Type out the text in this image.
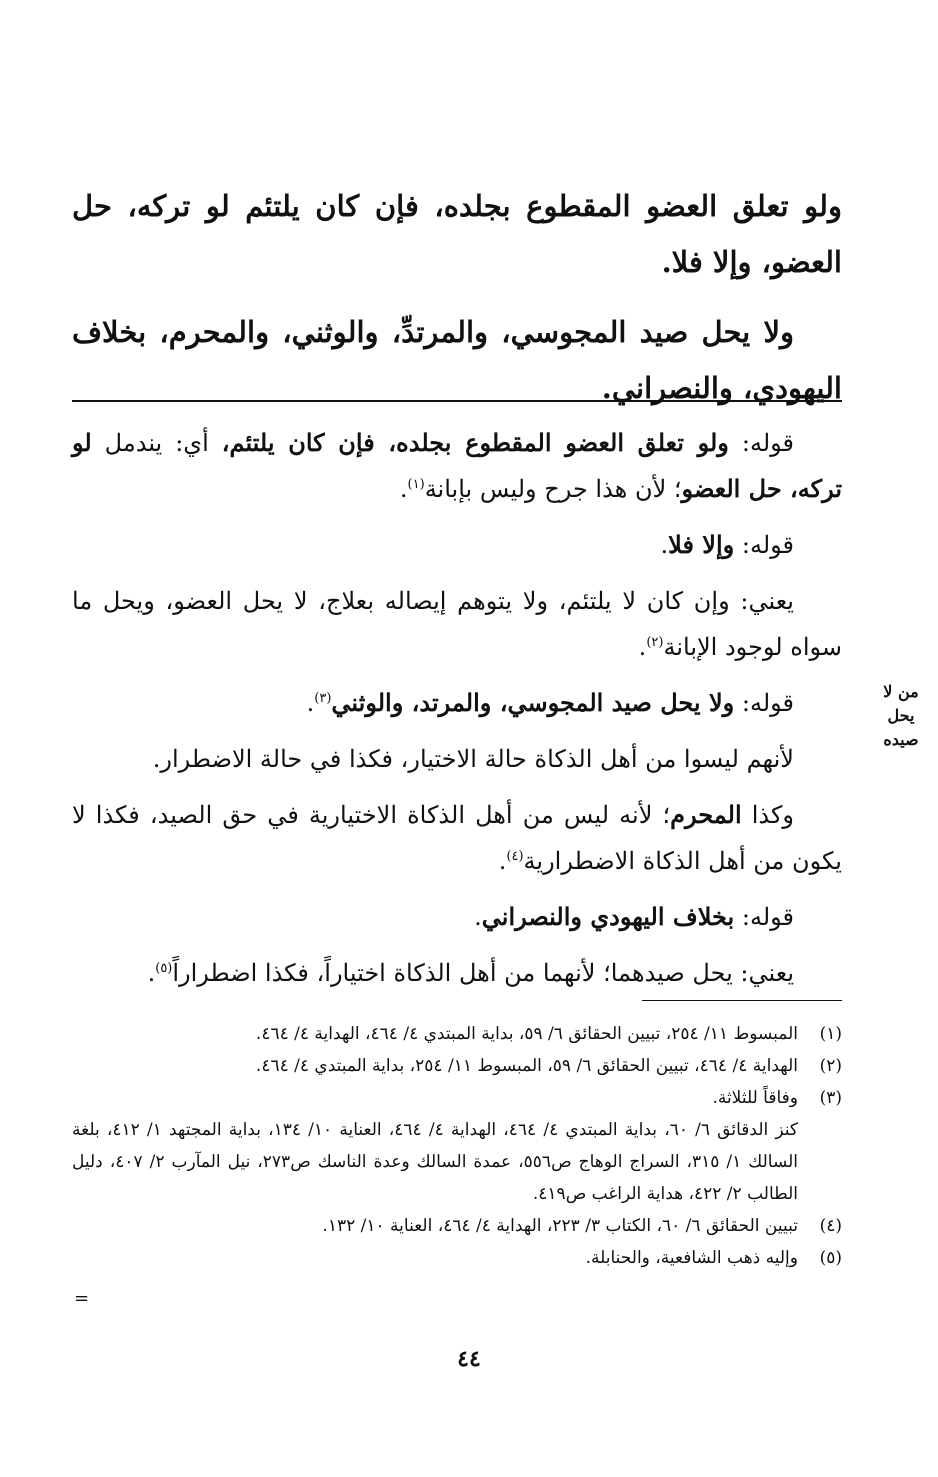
ولو تعلق العضو المقطوع بجلده، فإن كان يلتئم لو تركه، حل العضو، وإلا فلا.

ولا يحل صيد المجوسي، والمرتدِّ، والوثني، والمحرم، بخلاف اليهودي، والنصراني.

من لا
يحل
صيده

قوله: ولو تعلق العضو المقطوع بجلده، فإن كان يلتئم، أي: يندمل لو تركه، حل العضو؛ لأن هذا جرح وليس بإبانة$^{(١)}$.

قوله: وإلا فلا.

يعني: وإن كان لا يلتئم، ولا يتوهم إيصاله بعلاج، لا يحل العضو، ويحل ما سواه لوجود الإبانة$^{(٢)}$.

قوله: ولا يحل صيد المجوسي، والمرتد، والوثني$^{(٣)}$.

لأنهم ليسوا من أهل الذكاة حالة الاختيار، فكذا في حالة الاضطرار.

وكذا المحرم؛ لأنه ليس من أهل الذكاة الاختيارية في حق الصيد، فكذا لا يكون من أهل الذكاة الاضطرارية$^{(٤)}$.

قوله: بخلاف اليهودي والنصراني.

يعني: يحل صيدهما؛ لأنهما من أهل الذكاة اختياراً، فكذا اضطراراً$^{(٥)}$.

(١)
المبسوط ١١/ ٢٥٤، تبيين الحقائق ٦/ ٥٩، بداية المبتدي ٤/ ٤٦٤، الهداية ٤/ ٤٦٤.
(٢)
الهداية ٤/ ٤٦٤، تبيين الحقائق ٦/ ٥٩، المبسوط ١١/ ٢٥٤، بداية المبتدي ٤/ ٤٦٤.
(٣)
وفاقاً للثلاثة.
كنز الدقائق ٦/ ٦٠، بداية المبتدي ٤/ ٤٦٤، الهداية ٤/ ٤٦٤، العناية ١٠/ ١٣٤، بداية المجتهد ١/ ٤١٢، بلغة السالك ١/ ٣١٥، السراج الوهاج ص٥٥٦، عمدة السالك وعدة الناسك ص٢٧٣، نيل المآرب ٢/ ٤٠٧، دليل الطالب ٢/ ٤٢٢، هداية الراغب ص٤١٩.
(٤)
تبيين الحقائق ٦/ ٦٠، الكتاب ٣/ ٢٢٣، الهداية ٤/ ٤٦٤، العناية ١٠/ ١٣٢.
(٥)
وإليه ذهب الشافعية، والحنابلة.
=
٤٤
